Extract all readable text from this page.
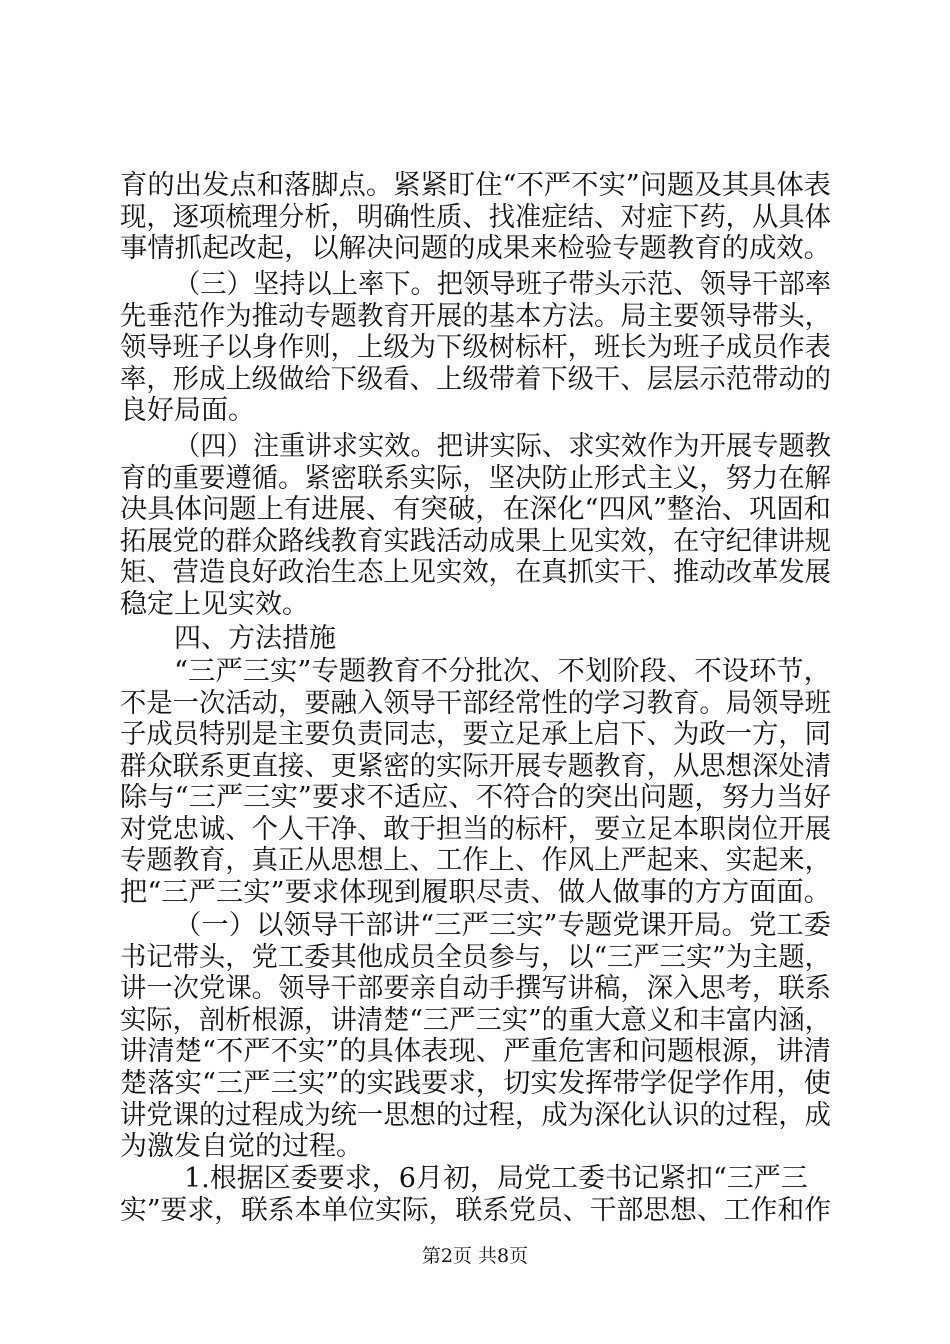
育的出发点和落脚点。紧紧盯住“不严不实”问题及其具体表
现，逐项梳理分析，明确性质、找准症结、对症下药，从具体
事情抓起改起，以解决问题的成果来检验专题教育的成效。
（三）坚持以上率下。把领导班子带头示范、领导干部率
先垂范作为推动专题教育开展的基本方法。局主要领导带头，
领导班子以身作则，上级为下级树标杆，班长为班子成员作表
率，形成上级做给下级看、上级带着下级干、层层示范带动的
良好局面。
（四）注重讲求实效。把讲实际、求实效作为开展专题教
育的重要遵循。紧密联系实际，坚决防止形式主义，努力在解
决具体问题上有进展、有突破，在深化“四风”整治、巩固和
拓展党的群众路线教育实践活动成果上见实效，在守纪律讲规
矩、营造良好政治生态上见实效，在真抓实干、推动改革发展
稳定上见实效。
四、方法措施
“三严三实”专题教育不分批次、不划阶段、不设环节，
不是一次活动，要融入领导干部经常性的学习教育。局领导班
子成员特别是主要负责同志，要立足承上启下、为政一方，同
群众联系更直接、更紧密的实际开展专题教育，从思想深处清
除与“三严三实”要求不适应、不符合的突出问题，努力当好
对党忠诚、个人干净、敢于担当的标杆，要立足本职岗位开展
专题教育，真正从思想上、工作上、作风上严起来、实起来，
把“三严三实”要求体现到履职尽责、做人做事的方方面面。
（一）以领导干部讲“三严三实”专题党课开局。党工委
书记带头，党工委其他成员全员参与，以“三严三实”为主题，
讲一次党课。领导干部要亲自动手撰写讲稿，深入思考，联系
实际，剖析根源，讲清楚“三严三实”的重大意义和丰富内涵，
讲清楚“不严不实”的具体表现、严重危害和问题根源，讲清
楚落实“三严三实”的实践要求，切实发挥带学促学作用，使
讲党课的过程成为统一思想的过程，成为深化认识的过程，成
为激发自觉的过程。
1.根据区委要求，6月初，局党工委书记紧扣“三严三
实”要求，联系本单位实际，联系党员、干部思想、工作和作
第2页 共8页
